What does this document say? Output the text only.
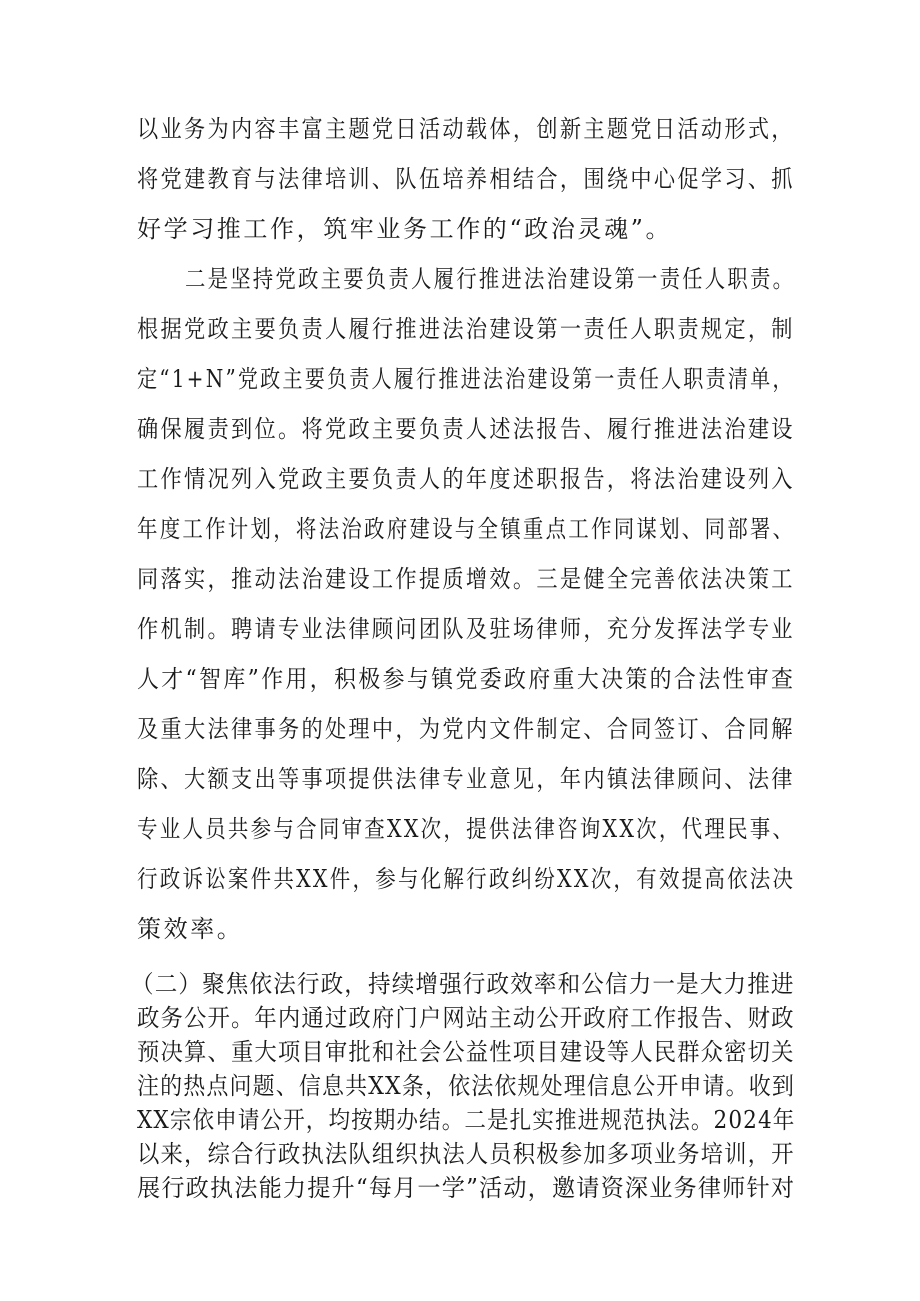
以业务为内容丰富主题党日活动载体，创新主题党日活动形式，
将党建教育与法律培训、队伍培养相结合，围绕中心促学习、抓
好学习推工作，筑牢业务工作的“政治灵魂”。
二是坚持党政主要负责人履行推进法治建设第一责任人职责。
根据党政主要负责人履行推进法治建设第一责任人职责规定，制
定“1+N”党政主要负责人履行推进法治建设第一责任人职责清单，
确保履责到位。将党政主要负责人述法报告、履行推进法治建设
工作情况列入党政主要负责人的年度述职报告，将法治建设列入
年度工作计划，将法治政府建设与全镇重点工作同谋划、同部署、
同落实，推动法治建设工作提质增效。三是健全完善依法决策工
作机制。聘请专业法律顾问团队及驻场律师，充分发挥法学专业
人才“智库”作用，积极参与镇党委政府重大决策的合法性审查
及重大法律事务的处理中，为党内文件制定、合同签订、合同解
除、大额支出等事项提供法律专业意见，年内镇法律顾问、法律
专业人员共参与合同审查XX次，提供法律咨询XX次，代理民事、
行政诉讼案件共XX件，参与化解行政纠纷XX次，有效提高依法决
策效率。
（二）聚焦依法行政，持续增强行政效率和公信力一是大力推进
政务公开。年内通过政府门户网站主动公开政府工作报告、财政
预决算、重大项目审批和社会公益性项目建设等人民群众密切关
注的热点问题、信息共XX条，依法依规处理信息公开申请。收到
XX宗依申请公开，均按期办结。二是扎实推进规范执法。2024年
以来，综合行政执法队组织执法人员积极参加多项业务培训，开
展行政执法能力提升“每月一学”活动，邀请资深业务律师针对
